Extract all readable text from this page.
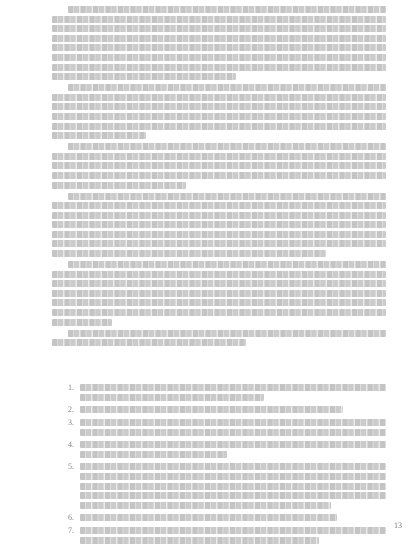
1.
2.
3.
4.
5.
6.
7.
13
